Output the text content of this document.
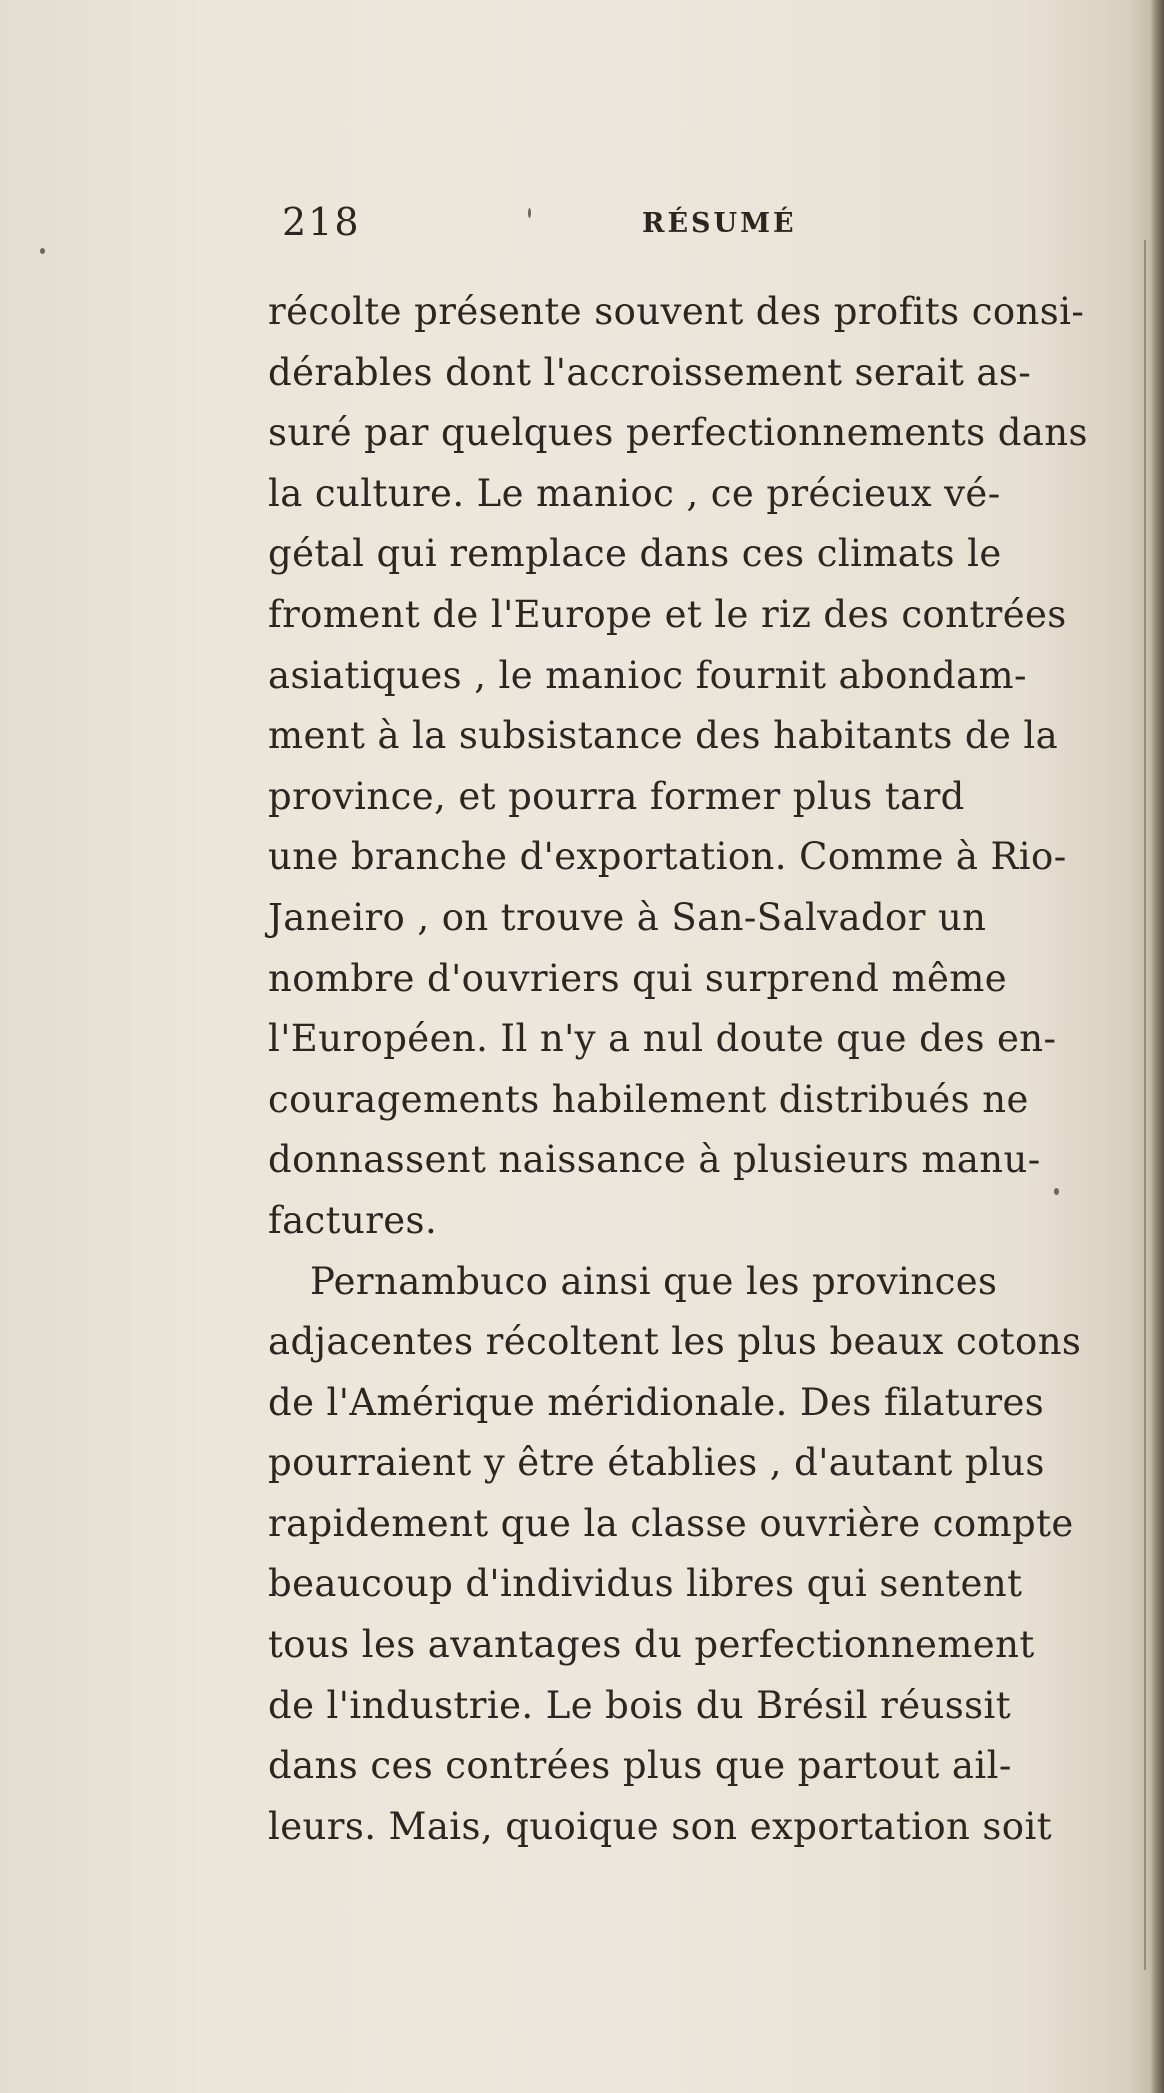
218	RÉSUMÉ
récolte présente souvent des profits consi-
dérables dont l'accroissement serait as-
suré par quelques perfectionnements dans
la culture. Le manioc , ce précieux vé-
gétal qui remplace dans ces climats le
froment de l'Europe et le riz des contrées
asiatiques , le manioc fournit abondam-
ment à la subsistance des habitants de la
province, et pourra former plus tard
une branche d'exportation. Comme à Rio-
Janeiro , on trouve à San-Salvador un
nombre d'ouvriers qui surprend même
l'Européen. Il n'y a nul doute que des en-
couragements habilement distribués ne
donnassent naissance à plusieurs manu-
factures.
Pernambuco ainsi que les provinces
adjacentes récoltent les plus beaux cotons
de l'Amérique méridionale. Des filatures
pourraient y être établies , d'autant plus
rapidement que la classe ouvrière compte
beaucoup d'individus libres qui sentent
tous les avantages du perfectionnement
de l'industrie. Le bois du Brésil réussit
dans ces contrées plus que partout ail-
leurs. Mais, quoique son exportation soit
